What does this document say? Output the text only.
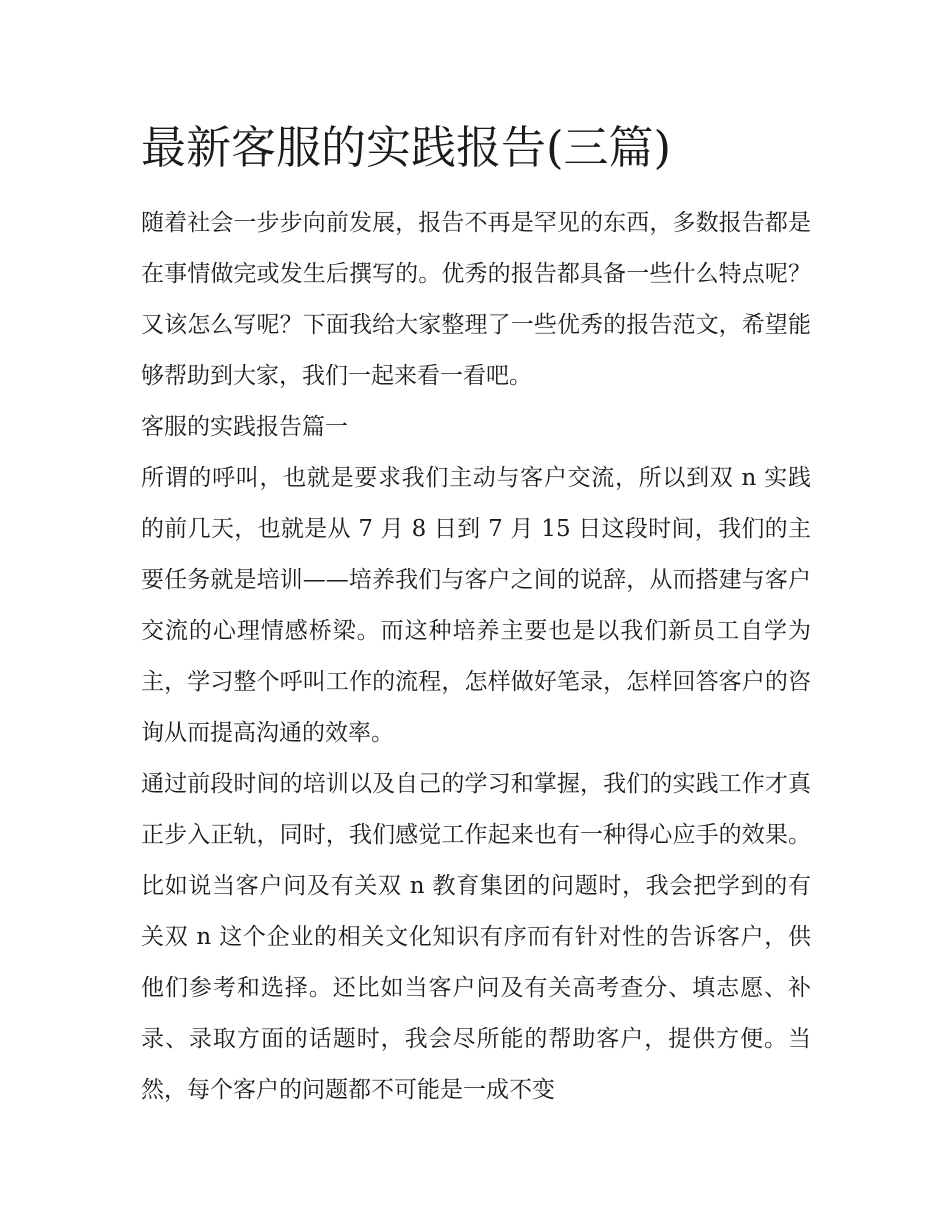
最新客服的实践报告(三篇)

随着社会一步步向前发展，报告不再是罕见的东西，多数报告都是在事情做完或发生后撰写的。优秀的报告都具备一些什么特点呢？又该怎么写呢？下面我给大家整理了一些优秀的报告范文，希望能够帮助到大家，我们一起来看一看吧。

客服的实践报告篇一

所谓的呼叫，也就是要求我们主动与客户交流，所以到双 n 实践的前几天，也就是从 7 月 8 日到 7 月 15 日这段时间，我们的主要任务就是培训——培养我们与客户之间的说辞，从而搭建与客户交流的心理情感桥梁。而这种培养主要也是以我们新员工自学为主，学习整个呼叫工作的流程，怎样做好笔录，怎样回答客户的咨询从而提高沟通的效率。

通过前段时间的培训以及自己的学习和掌握，我们的实践工作才真正步入正轨，同时，我们感觉工作起来也有一种得心应手的效果。比如说当客户问及有关双 n 教育集团的问题时，我会把学到的有关双 n 这个企业的相关文化知识有序而有针对性的告诉客户，供他们参考和选择。还比如当客户问及有关高考查分、填志愿、补录、录取方面的话题时，我会尽所能的帮助客户，提供方便。当然，每个客户的问题都不可能是一成不变
